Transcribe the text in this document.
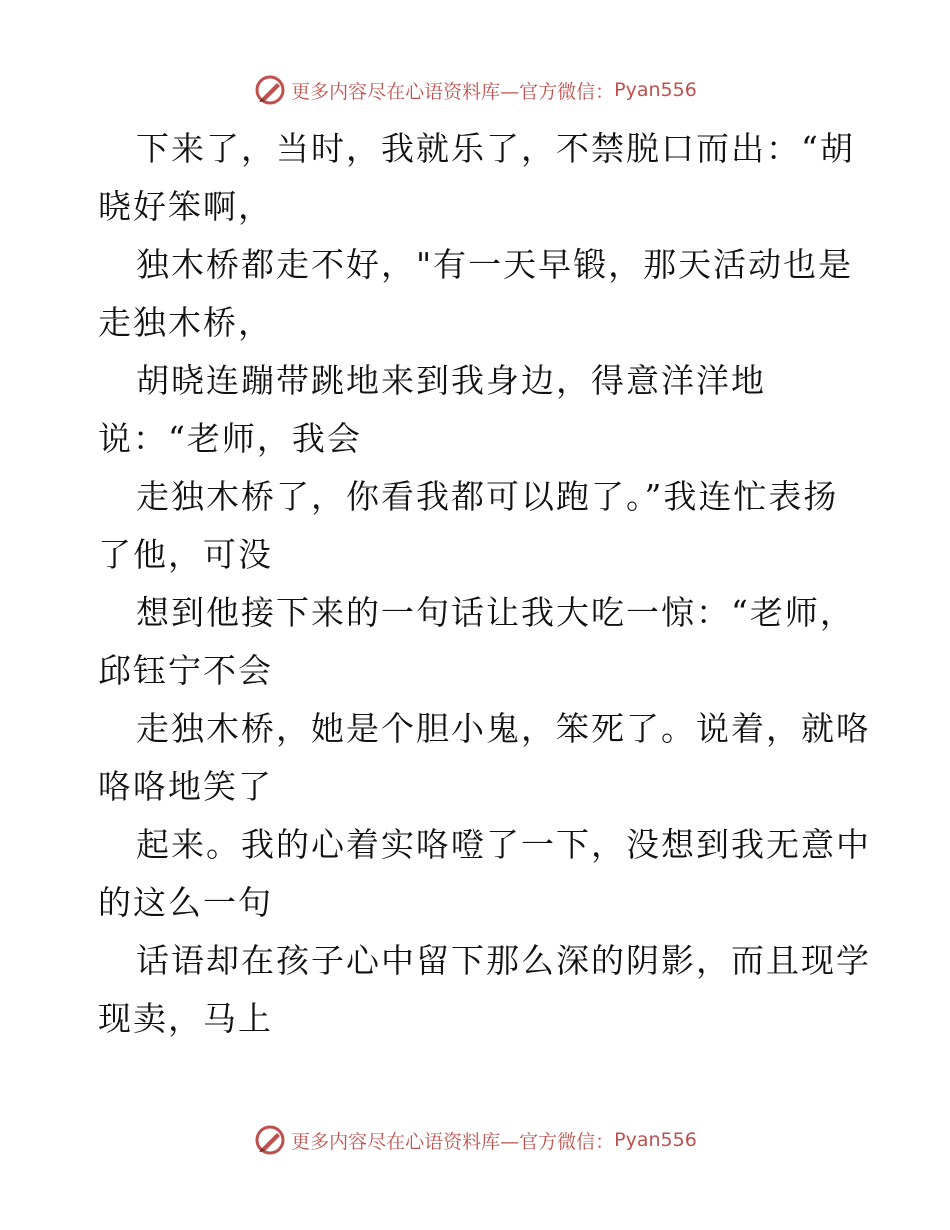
更多内容尽在心语资料库—官方微信： Pyan556
下来了，当时，我就乐了，不禁脱口而出：“胡
晓好笨啊，
独木桥都走不好，"有一天早锻，那天活动也是
走独木桥，
胡晓连蹦带跳地来到我身边，得意洋洋地
说：“老师，我会
走独木桥了，你看我都可以跑了。”我连忙表扬
了他，可没
想到他接下来的一句话让我大吃一惊：“老师，
邱钰宁不会
走独木桥，她是个胆小鬼，笨死了。说着，就咯
咯咯地笑了
起来。我的心着实咯噔了一下，没想到我无意中
的这么一句
话语却在孩子心中留下那么深的阴影，而且现学
现卖，马上
更多内容尽在心语资料库—官方微信： Pyan556
